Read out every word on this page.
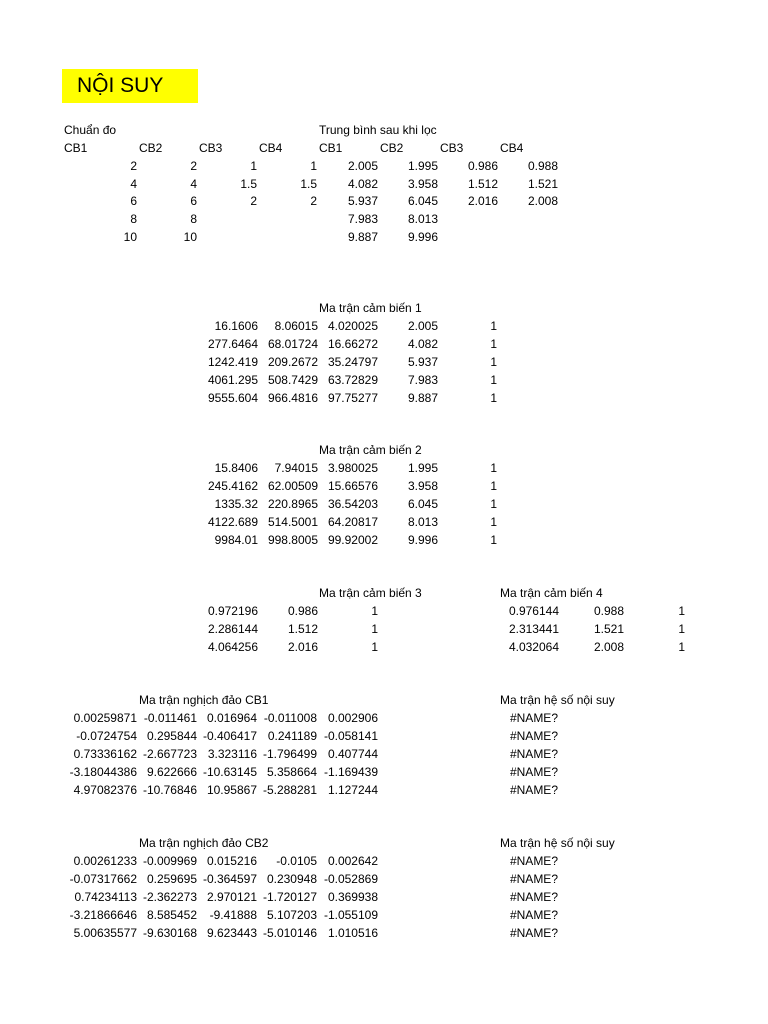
NỘI SUY
Chuẩn đo
CB1	CB2	CB3	CB4
2	2	1	1
4	4	1.5	1.5
6	6	2	2
8	8
10	10
Trung bình sau khi lọc
CB1	CB2	CB3	CB4
2.005 1.995 0.986 0.988
4.082 3.958 1.512 1.521
5.937 6.045 2.016 2.008
7.983 8.013
9.887 9.996
Ma trận cảm biến 1
16.1606 8.06015 4.020025 2.005	1
277.6464 68.01724 16.66272 4.082	1
1242.419 209.2672 35.24797 5.937	1
4061.295 508.7429 63.72829 7.983	1
9555.604 966.4816 97.75277 9.887	1
Ma trận cảm biến 2
15.8406 7.94015 3.980025 1.995	1
245.4162 62.00509 15.66576 3.958	1
1335.32 220.8965 36.54203 6.045	1
4122.689 514.5001 64.20817 8.013	1
9984.01 998.8005 99.92002 9.996	1
Ma trận cảm biến 3
0.972196 0.986	1
2.286144 1.512	1
4.064256 2.016	1
Ma trận cảm biến 4
0.976144	0.988	1
2.313441	1.521	1
4.032064	2.008	1
Ma trận nghịch đảo CB1
0.00259871 -0.011461 0.016964 -0.011008 0.002906
-0.0724754 0.295844 -0.406417 0.241189 -0.058141
0.73336162 -2.667723 3.323116 -1.796499 0.407744
-3.18044386 9.622666 -10.63145 5.358664 -1.169439
4.97082376 -10.76846 10.95867 -5.288281 1.127244
Ma trận hệ số nội suy
#NAME?
#NAME?
#NAME?
#NAME?
#NAME?
Ma trận nghịch đảo CB2
0.00261233 -0.009969 0.015216 -0.0105 0.002642
-0.07317662 0.259695 -0.364597 0.230948 -0.052869
0.74234113 -2.362273 2.970121 -1.720127 0.369938
-3.21866646 8.585452 -9.41888 5.107203 -1.055109
5.00635577 -9.630168 9.623443 -5.010146 1.010516
Ma trận hệ số nội suy
#NAME?
#NAME?
#NAME?
#NAME?
#NAME?
